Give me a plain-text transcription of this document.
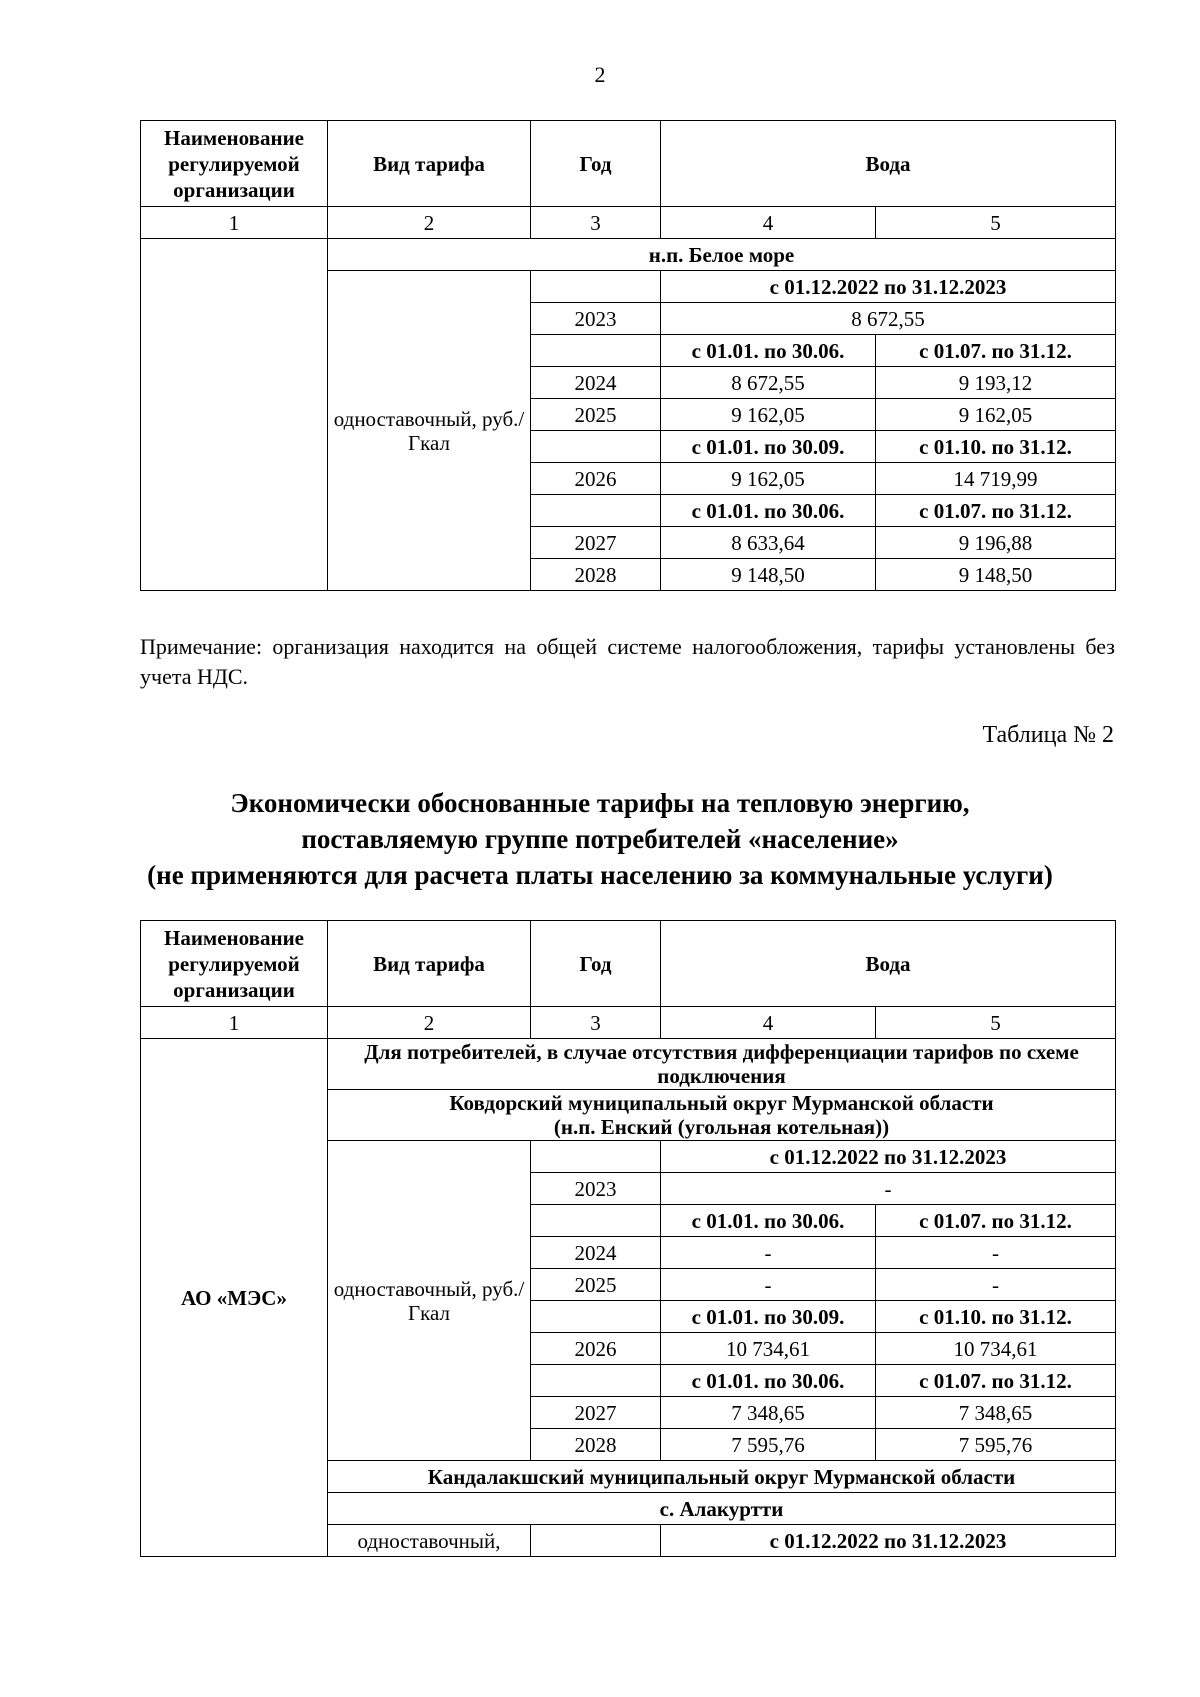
2
Наименование регулируемой организации	Вид тарифа	Год	Вода	
1	2	3	4	5
	н.п. Белое море			
	одноставочный, руб./Гкал		с 01.12.2022 по 31.12.2023	
		2023	8 672,55	
			с 01.01. по 30.06.	с 01.07. по 31.12.
		2024	8 672,55	9 193,12
		2025	9 162,05	9 162,05
			с 01.01. по 30.09.	с 01.10. по 31.12.
		2026	9 162,05	14 719,99
			с 01.01. по 30.06.	с 01.07. по 31.12.
		2027	8 633,64	9 196,88
		2028	9 148,50	9 148,50
Примечание: организация находится на общей системе налогообложения, тарифы установлены без учета НДС.
Таблица № 2
Экономически обоснованные тарифы на тепловую энергию,
поставляемую группе потребителей «население»
(не применяются для расчета платы населению за коммунальные услуги)
Наименование регулируемой организации	Вид тарифа	Год	Вода	
1	2	3	4	5
АО «МЭС»	Для потребителей, в случае отсутствия дифференциации тарифов по схеме подключения			

	Ковдорский муниципальный округ Мурманской области
(н.п. Енский (угольная котельная))			

	одноставочный, руб./Гкал		с 01.12.2022 по 31.12.2023	
		2023	-	
			с 01.01. по 30.06.	с 01.07. по 31.12.
		2024	-	-
		2025	-	-
			с 01.01. по 30.09.	с 01.10. по 31.12.
		2026	10 734,61	10 734,61
			с 01.01. по 30.06.	с 01.07. по 31.12.
		2027	7 348,65	7 348,65
		2028	7 595,76	7 595,76
	Кандалакшский муниципальный округ Мурманской области			
	с. Алакуртти			
	одноставочный,		с 01.12.2022 по 31.12.2023	
